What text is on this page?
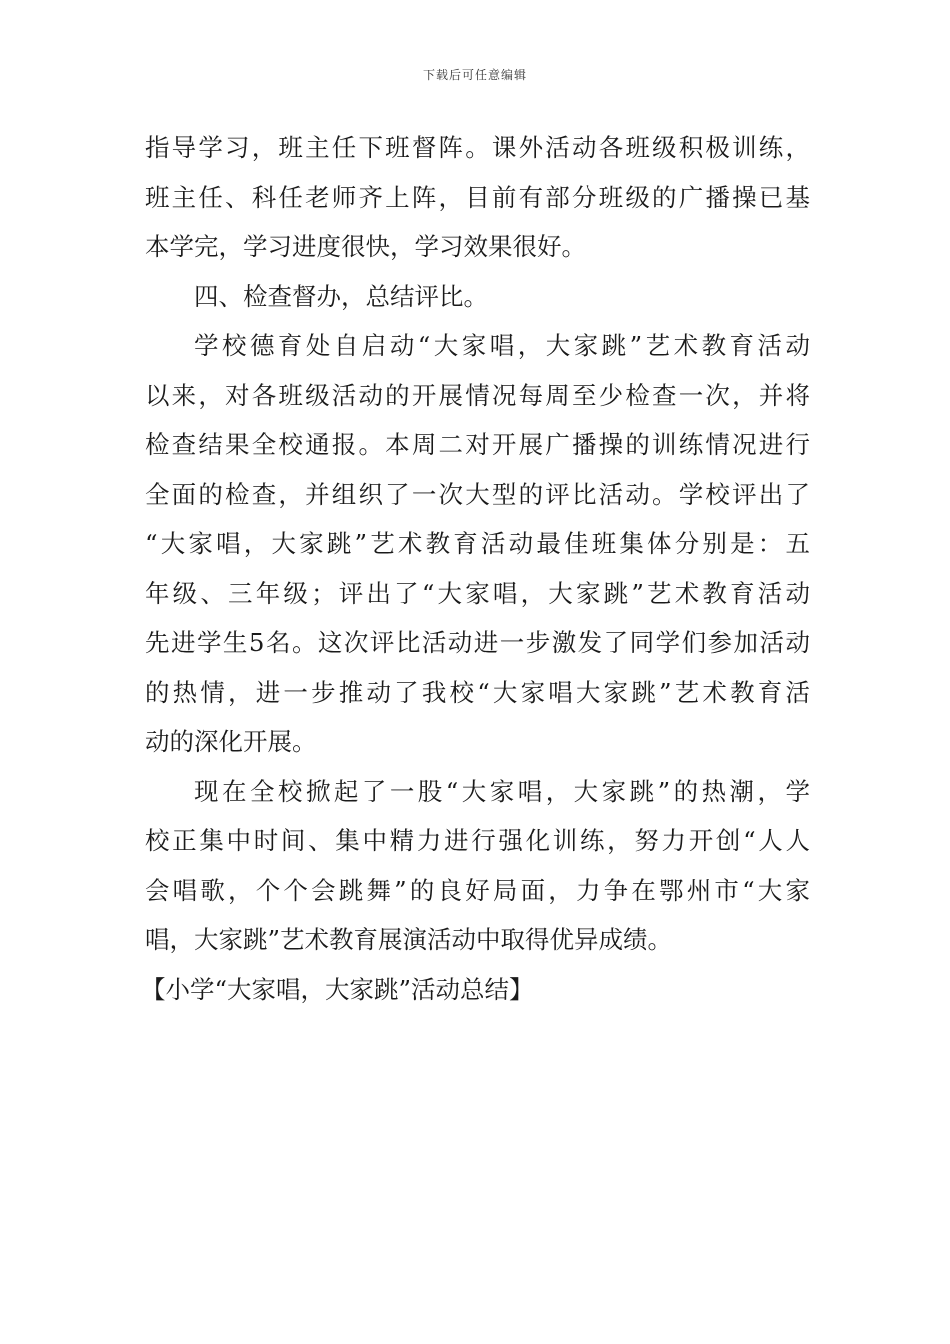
下载后可任意编辑
指导学习，班主任下班督阵。课外活动各班级积极训练，
班主任、科任老师齐上阵，目前有部分班级的广播操已基
本学完，学习进度很快，学习效果很好。
四、检查督办，总结评比。
学校德育处自启动“大家唱，大家跳”艺术教育活动
以来，对各班级活动的开展情况每周至少检查一次，并将
检查结果全校通报。本周二对开展广播操的训练情况进行
全面的检查，并组织了一次大型的评比活动。学校评出了
“大家唱，大家跳”艺术教育活动最佳班集体分别是：五
年级、三年级；评出了“大家唱，大家跳”艺术教育活动
先进学生5名。这次评比活动进一步激发了同学们参加活动
的热情，进一步推动了我校“大家唱大家跳”艺术教育活
动的深化开展。
现在全校掀起了一股“大家唱，大家跳”的热潮，学
校正集中时间、集中精力进行强化训练，努力开创“人人
会唱歌，个个会跳舞”的良好局面，力争在鄂州市“大家
唱，大家跳”艺术教育展演活动中取得优异成绩。
【小学“大家唱，大家跳”活动总结】
